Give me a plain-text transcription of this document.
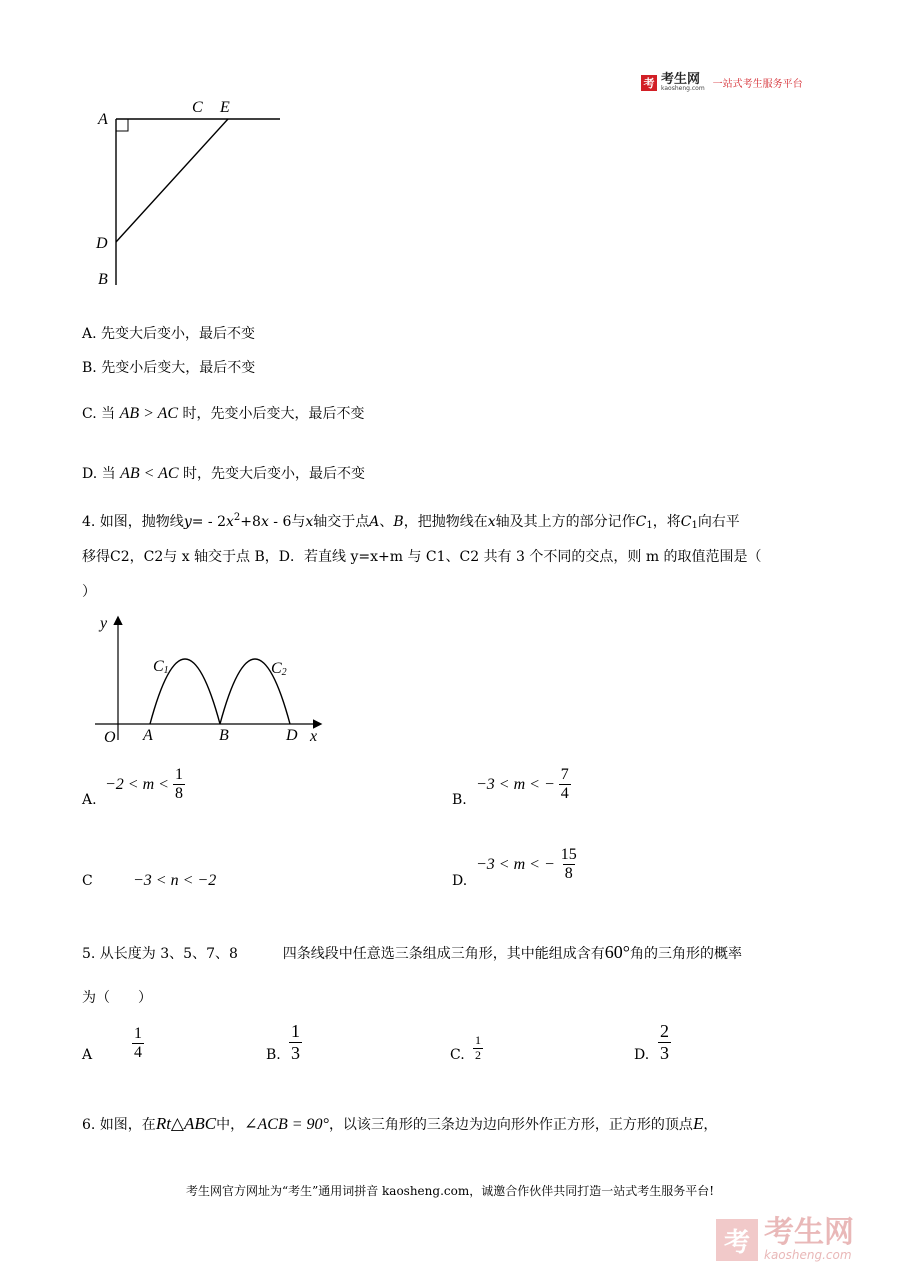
考 考生网
kaosheng.com 一站式考生服务平台
A
C E
D
B
A. 先变大后变小，最后不变
B. 先变小后变大，最后不变
C. 当 AB > AC 时，先变小后变大，最后不变
D. 当 AB < AC 时，先变大后变小，最后不变
4. 如图，抛物线$y= - 2x^2+8x - 6$与x轴交于点A、B，把抛物线在x轴及其上方的部分记作$C_1$，将$C_1$向右平
移得C2，C2与 x 轴交于点 B，D．若直线 y=x+m 与 C1、C2 共有 3 个不同的交点，则 m 的取值范围是（
）
y
x
O A	B	D
$C_1$	$C_2$
A.
$-2 < m < \frac{1}{8}$	B.
−3 < m < − $\frac{7}{4}$
C	−3 < n < −2	D.
−3 < m < − $\frac{15}{8}$
5. 从长度为 3、5、7、8	四条线段中任意选三条组成三角形，其中能组成含有60°角的三角形的概率
为（　　）
A $\frac{1}{4}$	B. $\frac{1}{3}$	C. $\frac{1}{2}$	D. $\frac{2}{3}$
6. 如图，在Rt△ABC中，∠ACB = 90°，以该三角形的三条边为边向形外作正方形，正方形的顶点E，
考生网官方网址为“考生”通用词拼音 kaosheng.com，诚邀合作伙伴共同打造一站式考生服务平台!
考 考生网
kaosheng.com
